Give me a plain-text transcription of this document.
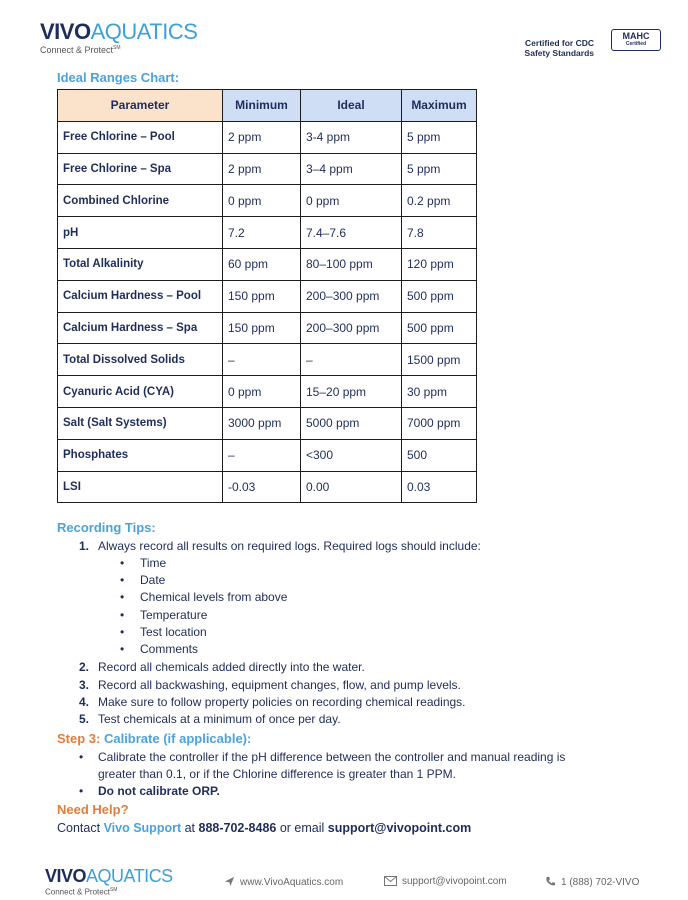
VIVOAQUATICS
Connect & Protect℠	Certified for CDC
Safety Standards
MAHC
Certified
Ideal Ranges Chart:
Parameter	Minimum	Ideal	Maximum
Free Chlorine – Pool	2 ppm	3-4 ppm	5 ppm
Free Chlorine – Spa	2 ppm	3–4 ppm	5 ppm
Combined Chlorine	0 ppm	0 ppm	0.2 ppm
pH	7.2	7.4–7.6	7.8
Total Alkalinity	60 ppm	80–100 ppm	120 ppm
Calcium Hardness – Pool	150 ppm	200–300 ppm	500 ppm
Calcium Hardness – Spa	150 ppm	200–300 ppm	500 ppm
Total Dissolved Solids	–	–	1500 ppm
Cyanuric Acid (CYA)	0 ppm	15–20 ppm	30 ppm
Salt (Salt Systems)	3000 ppm	5000 ppm	7000 ppm
Phosphates	–	<300	500
LSI	-0.03	0.00	0.03
Recording Tips:
1. Always record all results on required logs. Required logs should include:
• Time
• Date
• Chemical levels from above
• Temperature
• Test location
• Comments
2. Record all chemicals added directly into the water.
3. Record all backwashing, equipment changes, flow, and pump levels.
4. Make sure to follow property policies on recording chemical readings.
5. Test chemicals at a minimum of once per day.
Step 3: Calibrate (if applicable):
• Calibrate the controller if the pH difference between the controller and manual reading is
greater than 0.1, or if the Chlorine difference is greater than 1 PPM.
• Do not calibrate ORP.
Need Help?
Contact Vivo Support at 888-702-8486 or email support@vivopoint.com
VIVOAQUATICS
Connect & Protect℠
www.VivoAquatics.com	support@vivopoint.com	1 (888) 702-VIVO
